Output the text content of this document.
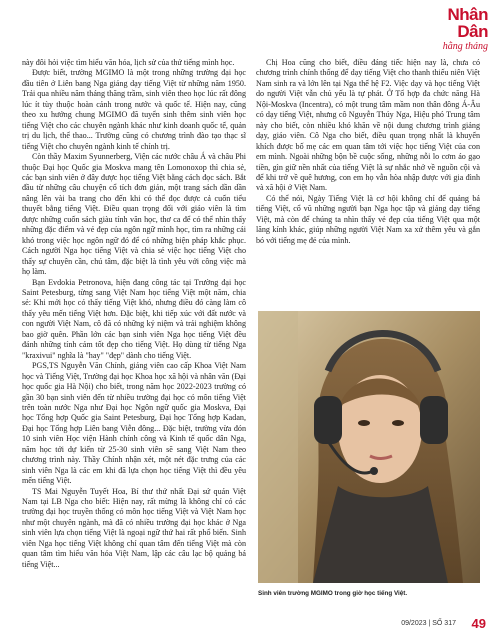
Nhân Dân
hằng tháng

này đôi hỏi việc tìm hiểu văn hóa, lịch sử của thứ tiếng mình học.

Được biết, trường MGIMO là một trong những trường đại học đầu tiên ở Liên bang Nga giảng dạy tiếng Việt từ những năm 1950. Trải qua nhiều năm tháng thăng trầm, sinh viên theo học lúc rất đông lúc ít tùy thuộc hoàn cảnh trong nước và quốc tế. Hiện nay, cũng theo xu hướng chung MGIMO đã tuyển sinh thêm sinh viên học tiếng Việt cho các chuyên ngành khác như kinh doanh quốc tế, quản trị du lịch, thể thao... Trường cũng có chương trình đào tạo thạc sĩ tiếng Việt cho chuyên ngành kinh tế chính trị.

Còn thầy Maxim Syunnerberg, Viện các nước châu Á và châu Phi thuộc Đại học Quốc gia Moskva mang tên Lomonoxop thì chia sẻ, các bạn sinh viên ở đây được học tiếng Việt bằng cách đọc sách. Bắt đầu từ những câu chuyện cổ tích đơn giản, một trang sách dần dần nâng lên vài ba trang cho đến khi có thể đọc được cả cuốn tiểu thuyết bằng tiếng Việt. Điều quan trọng đối với giáo viên là tìm được những cuốn sách giàu tính văn học, thơ ca để có thể nhìn thấy những đặc điểm và vẻ đẹp của ngôn ngữ mình học, tìm ra những cái khó trong việc học ngôn ngữ đó để có những biện pháp khắc phục. Cách người Nga học tiếng Việt và chia sẻ việc học tiếng Việt cho thấy sự chuyên cần, chú tâm, đặc biệt là tình yêu với công việc mà họ làm.

Bạn Evdokia Petronova, hiện đang công tác tại Trường đại học Saint Petesburg, từng sang Việt Nam học tiếng Việt một năm, chia sẻ: Khi mới học có thấy tiếng Việt khó, nhưng điều đó càng làm cô thấy yêu mến tiếng Việt hơn. Đặc biệt, khi tiếp xúc với đất nước và con người Việt Nam, cô đã có những kỷ niệm và trải nghiệm không bao giờ quên. Phần lớn các bạn sinh viên Nga học tiếng Việt đều đánh những tính cảm tốt đẹp cho tiếng Việt. Họ dùng từ tiếng Nga "kraxivui" nghĩa là "hay" "đẹp" dành cho tiếng Việt.

PGS,TS Nguyễn Văn Chính, giảng viên cao cấp Khoa Việt Nam học và Tiếng Việt, Trường đại học Khoa học xã hội và nhân văn (Đại học quốc gia Hà Nội) cho biết, trong năm học 2022-2023 trường có gần 30 bạn sinh viên đến từ nhiều trường đại học có môn tiếng Việt trên toàn nước Nga như Đại học Ngôn ngữ quốc gia Moskva, Đại học Tổng hợp Quốc gia Saint Petesburg, Đại học Tổng hợp Kadan, Đại học Tổng hợp Liên bang Viễn đông... Đặc biệt, trường vừa đón 10 sinh viên Học viện Hành chính công và Kinh tế quốc dân Nga, năm học tới dự kiến từ 25-30 sinh viên sẽ sang Việt Nam theo chương trình này. Thầy Chính nhận xét, một nét đặc trưng của các sinh viên Nga là các em khi đã lựa chọn học tiếng Việt thì đều yêu mến tiếng Việt.

TS Mai Nguyễn Tuyết Hoa, Bí thư thứ nhất Đại sứ quán Việt Nam tại LB Nga cho biết: Hiện nay, rất mừng là không chỉ có các trường đại học truyền thống có môn học tiếng Việt và Việt Nam học như một chuyên ngành, mà đã có nhiều trường đại học khác ở Nga sinh viên lựa chọn tiếng Việt là ngoại ngữ thứ hai rất phổ biến. Sinh viên Nga học tiếng Việt không chỉ quan tâm đến tiếng Việt mà còn quan tâm tìm hiểu văn hóa Việt Nam, lập các câu lạc bộ quảng bá tiếng Việt...

Chị Hoa cũng cho biết, điều đáng tiếc hiện nay là, chưa có chương trình chính thống để dạy tiếng Việt cho thanh thiếu niên Việt Nam sinh ra và lớn lên tại Nga thế hệ F2. Việc dạy và học tiếng Việt do người Việt vẫn chủ yếu là tự phát. Ở Tổ hợp đa chức năng Hà Nội-Moskva (Incentra), có một trung tâm mầm non thân đông Á-Âu có dạy tiếng Việt, nhưng cô Nguyễn Thúy Nga, Hiệu phó Trung tâm này cho biết, còn nhiều khó khăn về nội dung chương trình giảng dạy, giáo viên. Cô Nga cho biết, điều quan trọng nhất là khuyến khích được bố mẹ các em quan tâm tới việc học tiếng Việt của con em mình. Ngoài những bộn bề cuộc sống, những nỗi lo cơm áo gạo tiền, gìn giữ nền nhất của tiếng Việt là sự nhắc nhở về nguồn cội và để khi trở về quê hương, con em họ vẫn hòa nhập được với gia đình và xã hội ở Việt Nam.

Có thể nói, Ngày Tiếng Việt là cơ hội không chỉ để quảng bá tiếng Việt, cổ vũ những người bạn Nga học tập và giảng dạy tiếng Việt, mà còn để chúng ta nhìn thấy vẻ đẹp của tiếng Việt qua một lăng kính khác, giúp những người Việt Nam xa xứ thêm yêu và gắn bó với tiếng mẹ đẻ của mình.

Sinh viên trường MGIMO trong giờ học tiếng Việt.
09/2023 | SỐ 317 49
